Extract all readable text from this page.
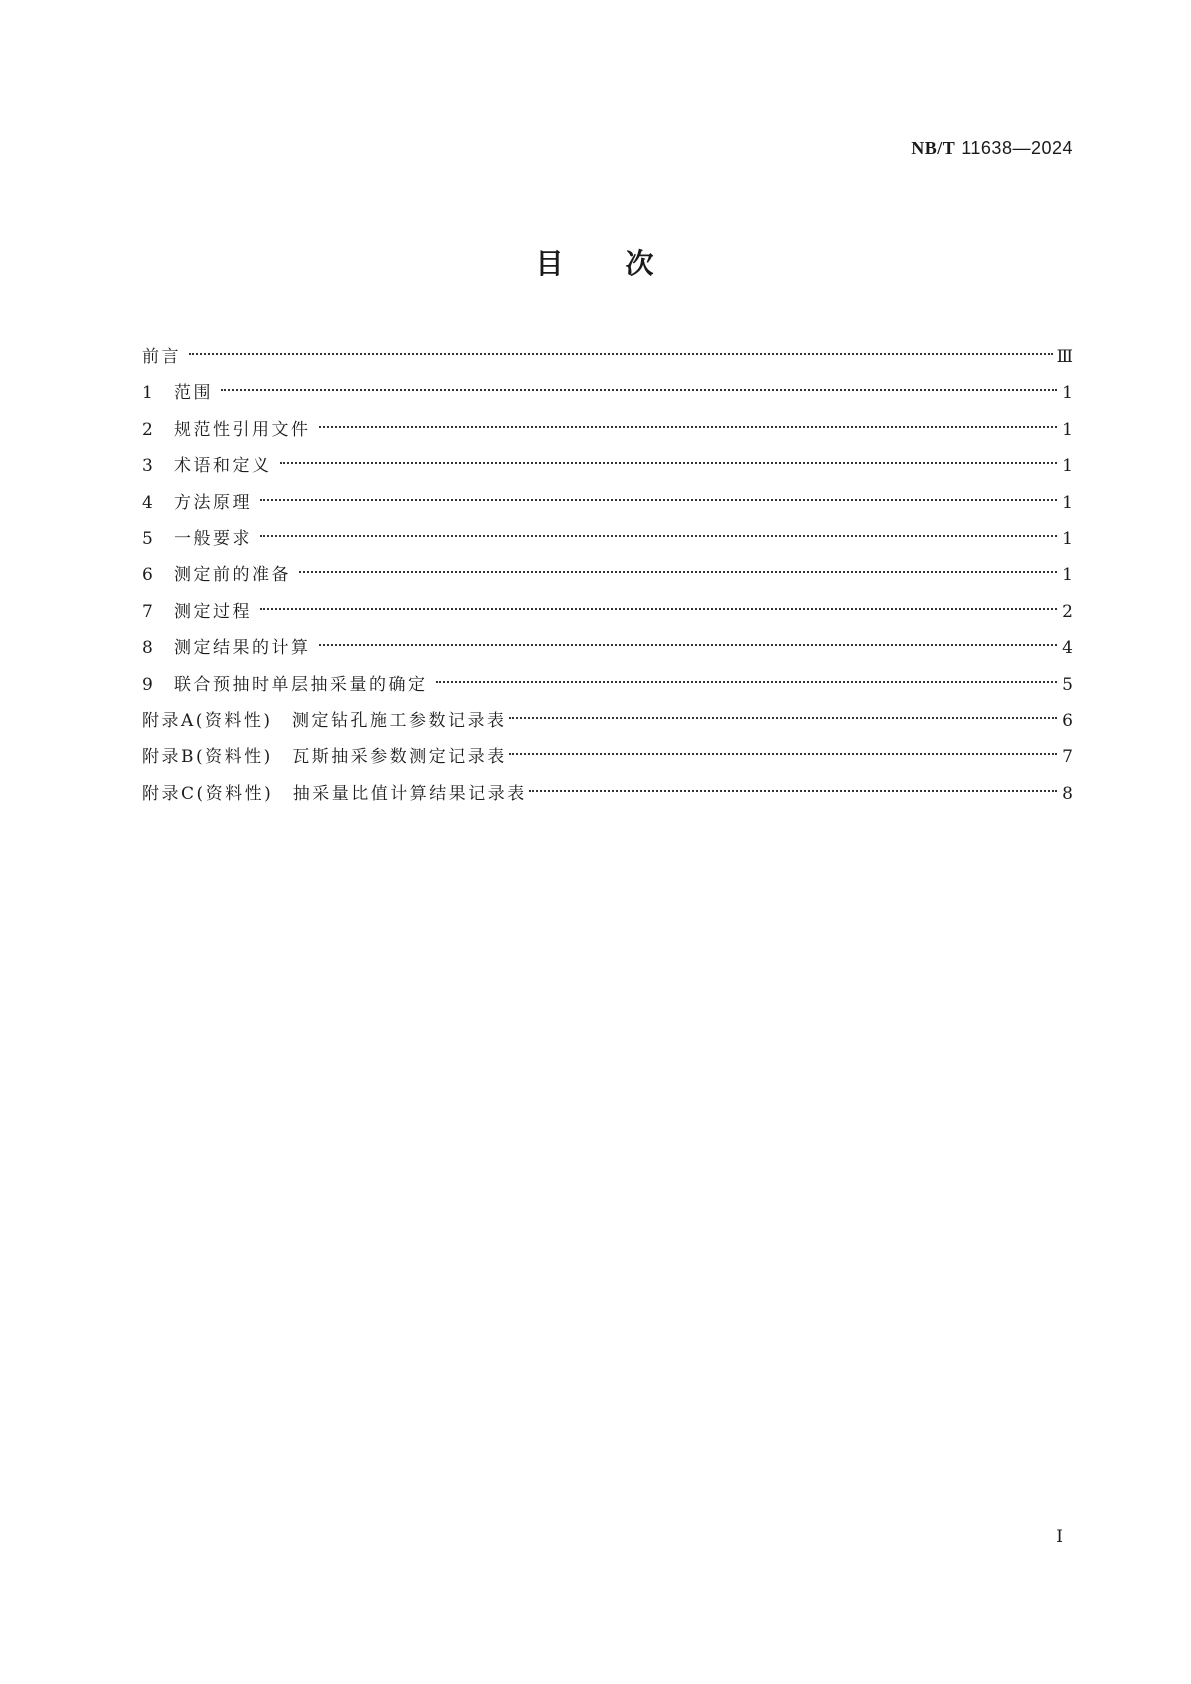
NB/T 11638—2024
目　　次
前言	Ⅲ
1	范围	1
2	规范性引用文件	1
3	术语和定义	1
4	方法原理	1
5	一般要求	1
6	测定前的准备	1
7	测定过程	2
8	测定结果的计算	4
9	联合预抽时单层抽采量的确定	5
附录A(资料性)　测定钻孔施工参数记录表	6
附录B(资料性)　瓦斯抽采参数测定记录表	7
附录C(资料性)　抽采量比值计算结果记录表	8
Ⅰ
